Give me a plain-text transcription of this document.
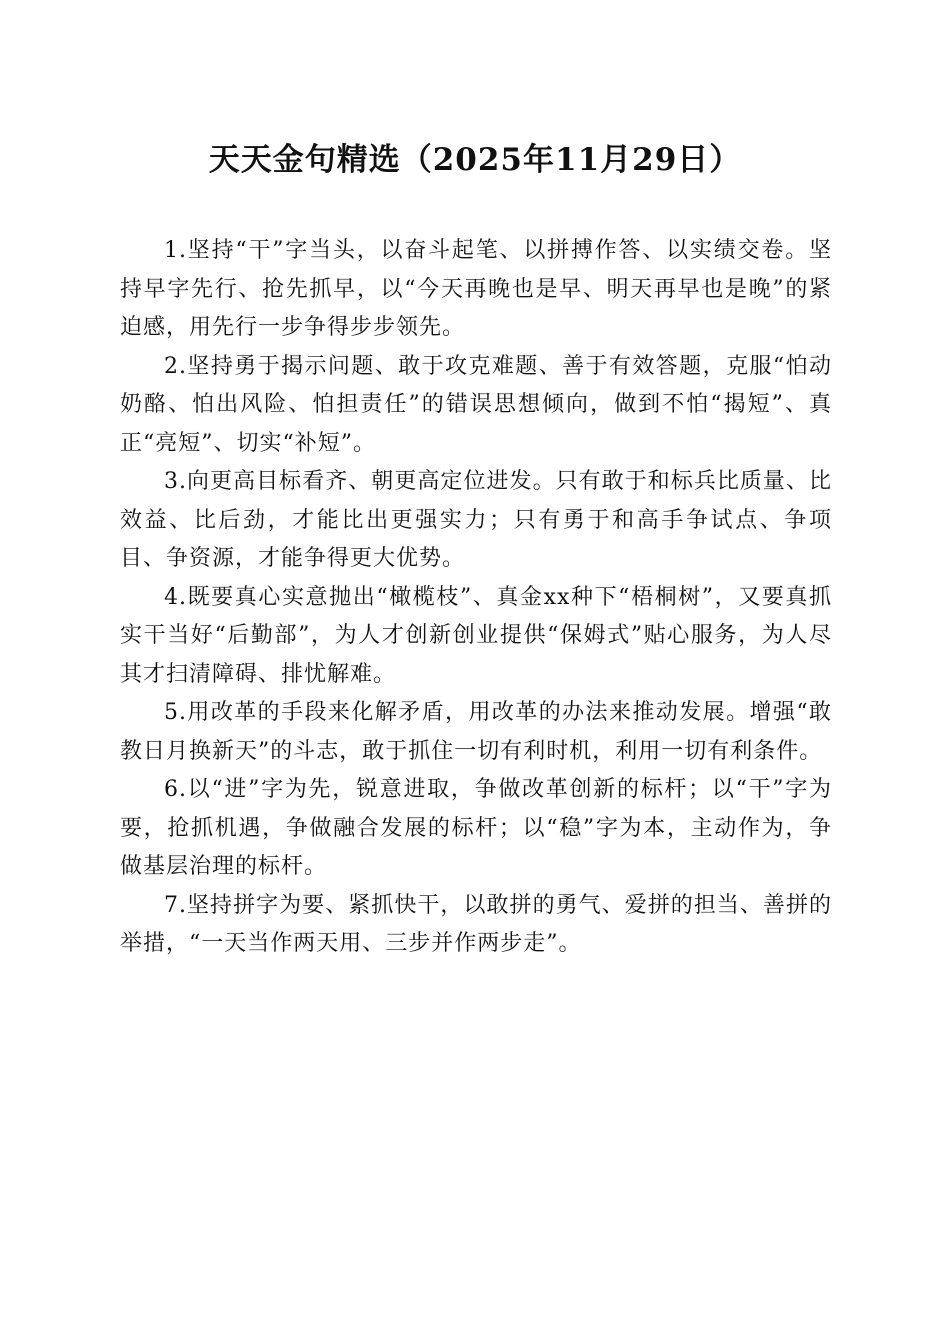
天天金句精选（2025年11月29日）

1.坚持“干”字当头，以奋斗起笔、以拼搏作答、以实绩交卷。坚持早字先行、抢先抓早，以“今天再晚也是早、明天再早也是晚”的紧迫感，用先行一步争得步步领先。

2.坚持勇于揭示问题、敢于攻克难题、善于有效答题，克服“怕动奶酪、怕出风险、怕担责任”的错误思想倾向，做到不怕“揭短”、真正“亮短”、切实“补短”。

3.向更高目标看齐、朝更高定位进发。只有敢于和标兵比质量、比效益、比后劲，才能比出更强实力；只有勇于和高手争试点、争项目、争资源，才能争得更大优势。

4.既要真心实意抛出“橄榄枝”、真金xx种下“梧桐树”，又要真抓实干当好“后勤部”，为人才创新创业提供“保姆式”贴心服务，为人尽其才扫清障碍、排忧解难。

5.用改革的手段来化解矛盾，用改革的办法来推动发展。增强“敢教日月换新天”的斗志，敢于抓住一切有利时机，利用一切有利条件。

6.以“进”字为先，锐意进取，争做改革创新的标杆；以“干”字为要，抢抓机遇，争做融合发展的标杆；以“稳”字为本，主动作为，争做基层治理的标杆。

7.坚持拼字为要、紧抓快干，以敢拼的勇气、爱拼的担当、善拼的举措，“一天当作两天用、三步并作两步走”。
